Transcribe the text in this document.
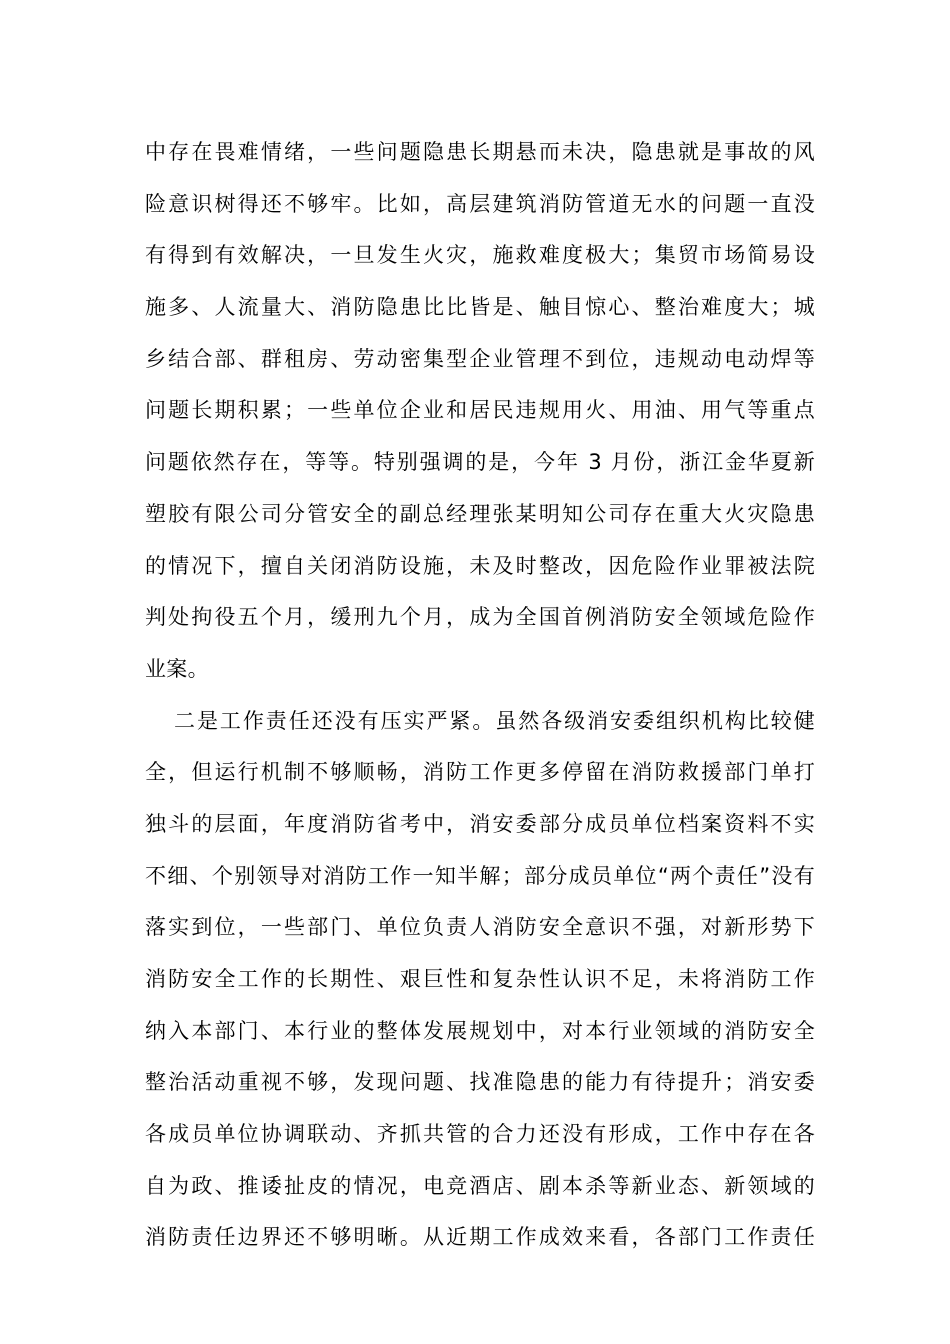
中存在畏难情绪，一些问题隐患长期悬而未决，隐患就是事故的风
险意识树得还不够牢。比如，高层建筑消防管道无水的问题一直没
有得到有效解决，一旦发生火灾，施救难度极大；集贸市场简易设
施多、人流量大、消防隐患比比皆是、触目惊心、整治难度大；城
乡结合部、群租房、劳动密集型企业管理不到位，违规动电动焊等
问题长期积累；一些单位企业和居民违规用火、用油、用气等重点
问题依然存在，等等。特别强调的是，今年 3 月份，浙江金华夏新
塑胶有限公司分管安全的副总经理张某明知公司存在重大火灾隐患
的情况下，擅自关闭消防设施，未及时整改，因危险作业罪被法院
判处拘役五个月，缓刑九个月，成为全国首例消防安全领域危险作
业案。
二是工作责任还没有压实严紧。虽然各级消安委组织机构比较健
全，但运行机制不够顺畅，消防工作更多停留在消防救援部门单打
独斗的层面，年度消防省考中，消安委部分成员单位档案资料不实
不细、个别领导对消防工作一知半解；部分成员单位“两个责任”没有
落实到位，一些部门、单位负责人消防安全意识不强，对新形势下
消防安全工作的长期性、艰巨性和复杂性认识不足，未将消防工作
纳入本部门、本行业的整体发展规划中，对本行业领域的消防安全
整治活动重视不够，发现问题、找准隐患的能力有待提升；消安委
各成员单位协调联动、齐抓共管的合力还没有形成，工作中存在各
自为政、推诿扯皮的情况，电竞酒店、剧本杀等新业态、新领域的
消防责任边界还不够明晰。从近期工作成效来看，各部门工作责任
